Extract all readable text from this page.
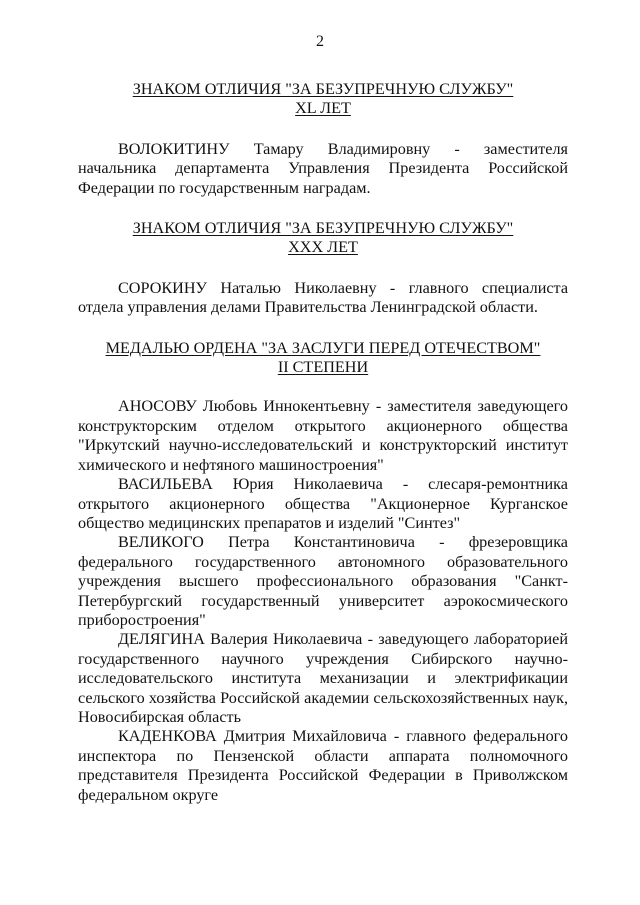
2
ЗНАКОМ ОТЛИЧИЯ "ЗА БЕЗУПРЕЧНУЮ СЛУЖБУ"
XL ЛЕТ

ВОЛОКИТИНУ Тамару Владимировну - заместителя начальника департамента Управления Президента Российской Федерации по государственным наградам.

ЗНАКОМ ОТЛИЧИЯ "ЗА БЕЗУПРЕЧНУЮ СЛУЖБУ"
XXX ЛЕТ

СОРОКИНУ Наталью Николаевну - главного специалиста отдела управления делами Правительства Ленинградской области.

МЕДАЛЬЮ ОРДЕНА "ЗА ЗАСЛУГИ ПЕРЕД ОТЕЧЕСТВОМ"
II СТЕПЕНИ

АНОСОВУ Любовь Иннокентьевну - заместителя заведующего конструкторским отделом открытого акционерного общества "Иркутский научно-исследовательский и конструкторский институт химического и нефтяного машиностроения"

ВАСИЛЬЕВА Юрия Николаевича - слесаря-ремонтника открытого акционерного общества "Акционерное Курганское общество медицинских препаратов и изделий "Синтез"

ВЕЛИКОГО Петра Константиновича - фрезеровщика федерального государственного автономного образовательного учреждения высшего профессионального образования "Санкт-Петербургский государственный университет аэрокосмического приборостроения"

ДЕЛЯГИНА Валерия Николаевича - заведующего лабораторией государственного научного учреждения Сибирского научно-исследовательского института механизации и электрификации сельского хозяйства Российской академии сельскохозяйственных наук, Новосибирская область

КАДЕНКОВА Дмитрия Михайловича - главного федерального инспектора по Пензенской области аппарата полномочного представителя Президента Российской Федерации в Приволжском федеральном округе
